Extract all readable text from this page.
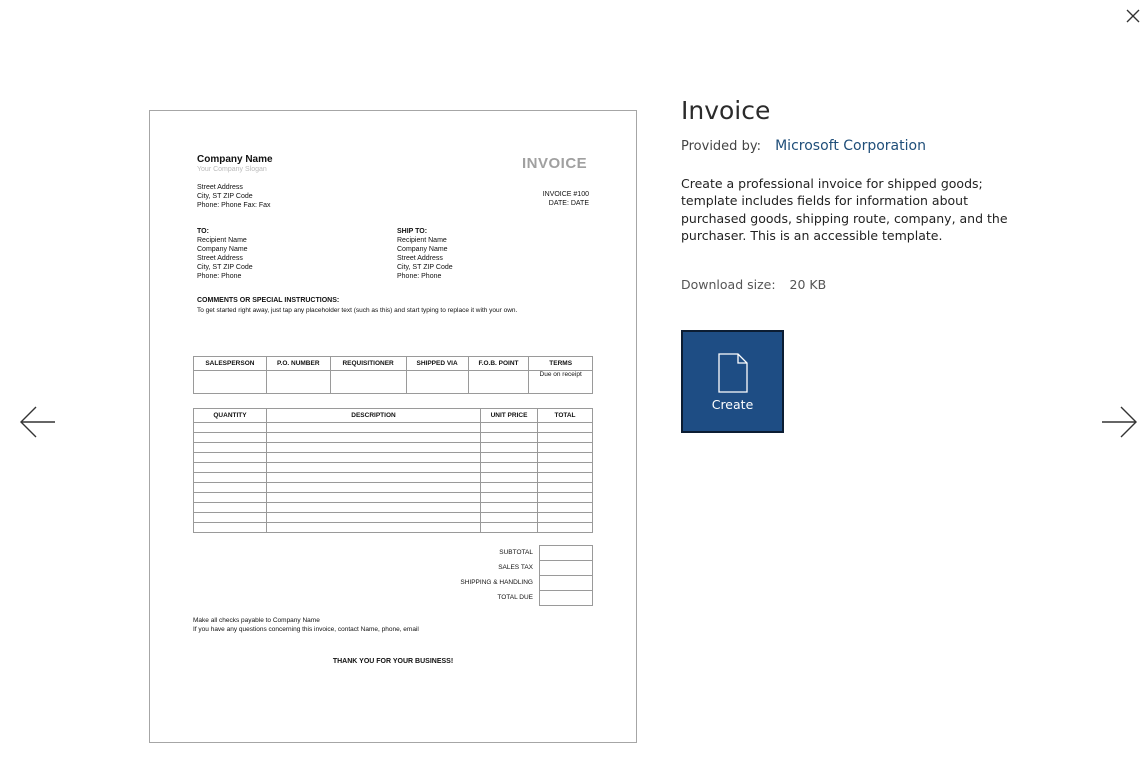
Company Name
Your Company Slogan
Street Address
City, ST ZIP Code
Phone: Phone Fax: Fax
INVOICE
INVOICE #100
DATE: DATE
TO:
Recipient Name
Company Name
Street Address
City, ST ZIP Code
Phone: Phone
SHIP TO:
Recipient Name
Company Name
Street Address
City, ST ZIP Code
Phone: Phone
COMMENTS OR SPECIAL INSTRUCTIONS:
To get started right away, just tap any placeholder text (such as this) and start typing to replace it with your own.
SALESPERSON	P.O. NUMBER	REQUISITIONER	SHIPPED VIA	F.O.B. POINT	TERMS
					Due on receipt
QUANTITY	DESCRIPTION	UNIT PRICE	TOTAL

SUBTOTAL
SALES TAX
SHIPPING & HANDLING
TOTAL DUE
Make all checks payable to Company Name
If you have any questions concerning this invoice, contact Name, phone, email
THANK YOU FOR YOUR BUSINESS!
Invoice
Provided by: Microsoft Corporation
Create a professional invoice for shipped goods; template includes fields for information about purchased goods, shipping route, company, and the purchaser. This is an accessible template.
Download size: 20 KB
Create
